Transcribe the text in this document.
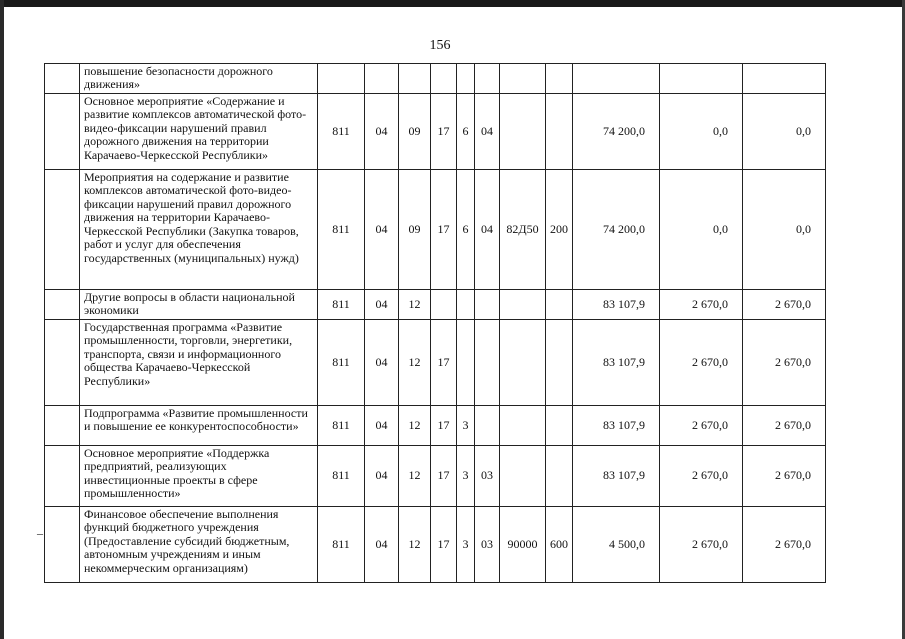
156
–
	повышение безопасности дорожного движения»											
	Основное мероприятие «Содержание и развитие комплексов автоматической фото-видео-фиксации нарушений правил дорожного движения на территории Карачаево-Черкесской Республики»	811	04	09	17	6	04			74 200,0	0,0	0,0
	Мероприятия на содержание и развитие комплексов автоматической фото-видео-фиксации нарушений правил дорожного движения на территории Карачаево-Черкесской Республики (Закупка товаров, работ и услуг для обеспечения государственных (муниципальных) нужд)	811	04	09	17	6	04	82Д50	200	74 200,0	0,0	0,0
	Другие вопросы в области национальной экономики	811	04	12						83 107,9	2 670,0	2 670,0
	Государственная программа «Развитие промышленности, торговли, энергетики, транспорта, связи и информационного общества Карачаево-Черкесской Республики»	811	04	12	17					83 107,9	2 670,0	2 670,0
	Подпрограмма «Развитие промышленности и повышение ее конкурентоспособности»	811	04	12	17	3				83 107,9	2 670,0	2 670,0
	Основное мероприятие «Поддержка предприятий, реализующих инвестиционные проекты в сфере промышленности»	811	04	12	17	3	03			83 107,9	2 670,0	2 670,0
	Финансовое обеспечение выполнения функций бюджетного учреждения (Предоставление субсидий бюджетным, автономным учреждениям и иным некоммерческим организациям)	811	04	12	17	3	03	90000	600	4 500,0	2 670,0	2 670,0
